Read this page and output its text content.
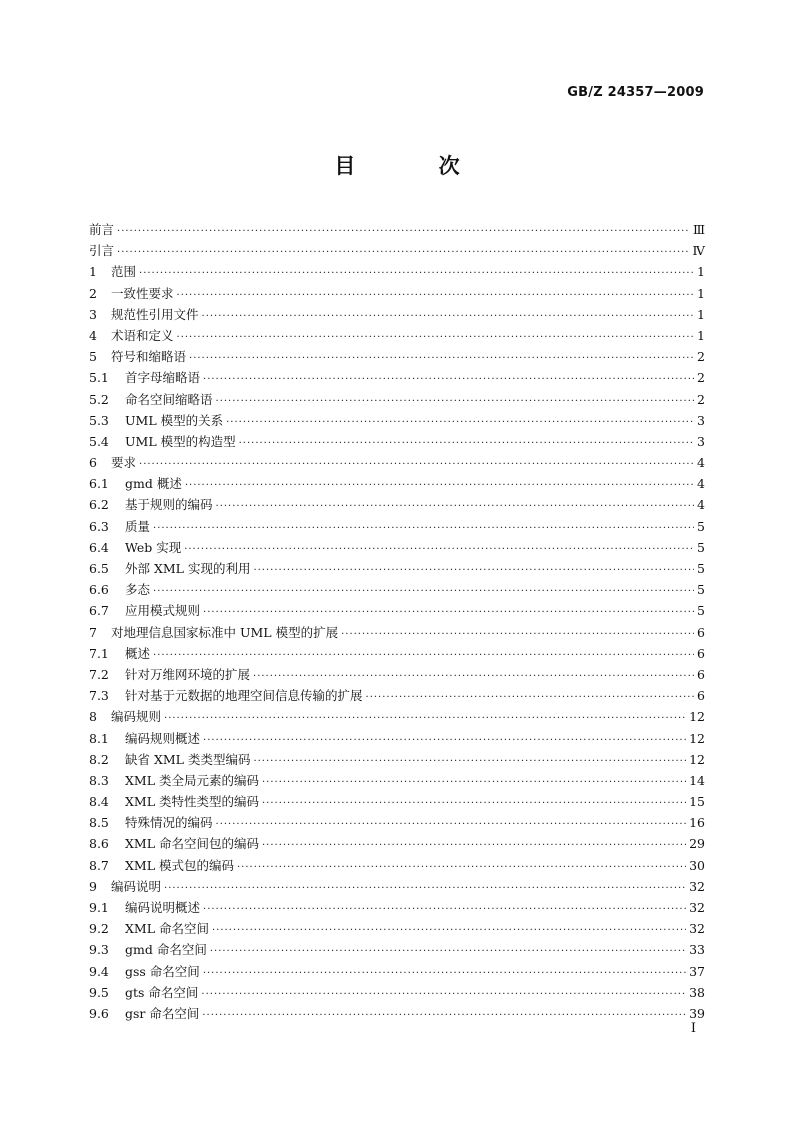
GB/Z 24357—2009
目 次
前言 ·····	Ⅲ
引言 ·····	Ⅳ
1	范围 ·····	1
2	一致性要求 ·····	1
3	规范性引用文件 ·····	1
4	术语和定义 ·····	1
5	符号和缩略语 ·····	2
5.1	首字母缩略语 ·····	2
5.2	命名空间缩略语 ·····	2
5.3	UML 模型的关系 ·····	3
5.4	UML 模型的构造型 ·····	3
6	要求 ·····	4
6.1	gmd 概述 ·····	4
6.2	基于规则的编码 ·····	4
6.3	质量 ·····	5
6.4	Web 实现 ·····	5
6.5	外部 XML 实现的利用 ·····	5
6.6	多态 ·····	5
6.7	应用模式规则 ·····	5
7	对地理信息国家标准中 UML 模型的扩展 ·····	6
7.1	概述 ·····	6
7.2	针对万维网环境的扩展 ·····	6
7.3	针对基于元数据的地理空间信息传输的扩展 ·····	6
8	编码规则 ·····	12
8.1	编码规则概述 ·····	12
8.2	缺省 XML 类类型编码 ·····	12
8.3	XML 类全局元素的编码 ·····	14
8.4	XML 类特性类型的编码 ·····	15
8.5	特殊情况的编码 ·····	16
8.6	XML 命名空间包的编码 ·····	29
8.7	XML 模式包的编码 ·····	30
9	编码说明 ·····	32
9.1	编码说明概述 ·····	32
9.2	XML 命名空间 ·····	32
9.3	gmd 命名空间 ·····	33
9.4	gss 命名空间 ·····	37
9.5	gts 命名空间 ·····	38
9.6	gsr 命名空间 ·····	39
Ⅰ
